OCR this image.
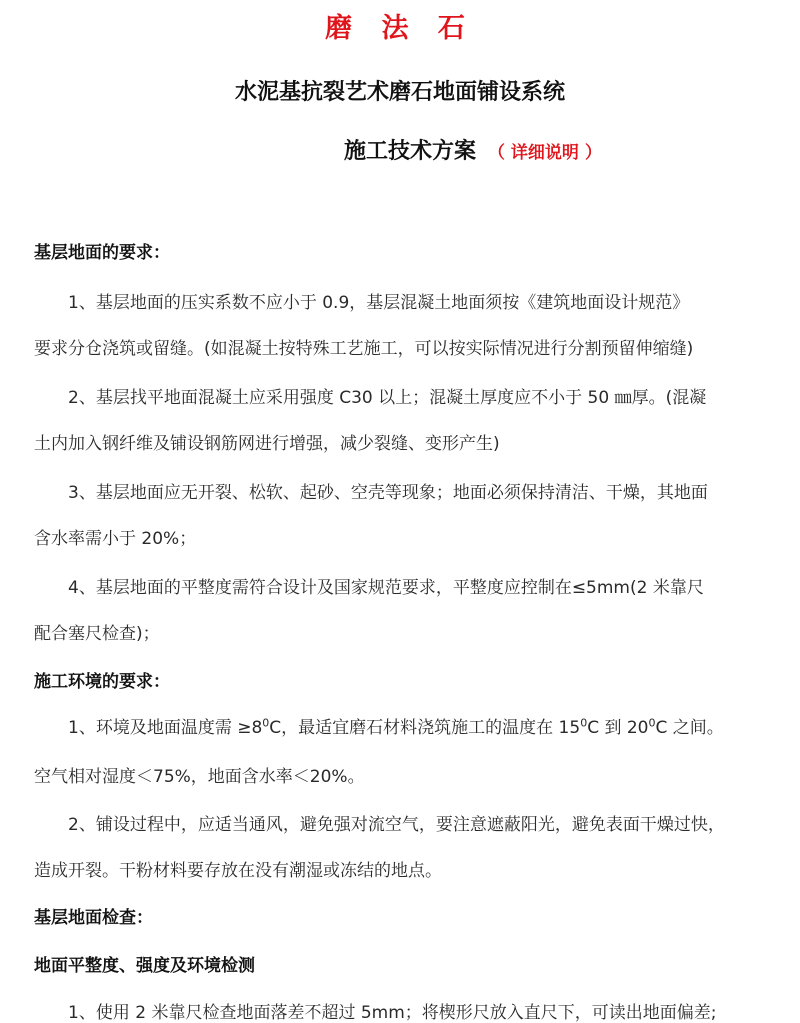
磨 法 石
水泥基抗裂艺术磨石地面铺设系统
施工技术方案 （ 详细说明 ）
基层地面的要求：
1、基层地面的压实系数不应小于 0.9，基层混凝土地面须按《建筑地面设计规范》
要求分仓浇筑或留缝。(如混凝土按特殊工艺施工，可以按实际情况进行分割预留伸缩缝)
2、基层找平地面混凝土应采用强度 C30 以上；混凝土厚度应不小于 50 ㎜厚。(混凝
土内加入钢纤维及铺设钢筋网进行增强，减少裂缝、变形产生)
3、基层地面应无开裂、松软、起砂、空壳等现象；地面必须保持清洁、干燥，其地面
含水率需小于 20%；
4、基层地面的平整度需符合设计及国家规范要求，平整度应控制在≤5mm(2 米靠尺
配合塞尺检查)；
施工环境的要求：
1、环境及地面温度需 $\ge 8^0C$，最适宜磨石材料浇筑施工的温度在 $15^0C$ 到 $20^0C$ 之间。
空气相对湿度＜75%，地面含水率＜20%。
2、铺设过程中，应适当通风，避免强对流空气，要注意遮蔽阳光，避免表面干燥过快，
造成开裂。干粉材料要存放在没有潮湿或冻结的地点。
基层地面检查：
地面平整度、强度及环境检测
1、使用 2 米靠尺检查地面落差不超过 5mm；将楔形尺放入直尺下，可读出地面偏差;
